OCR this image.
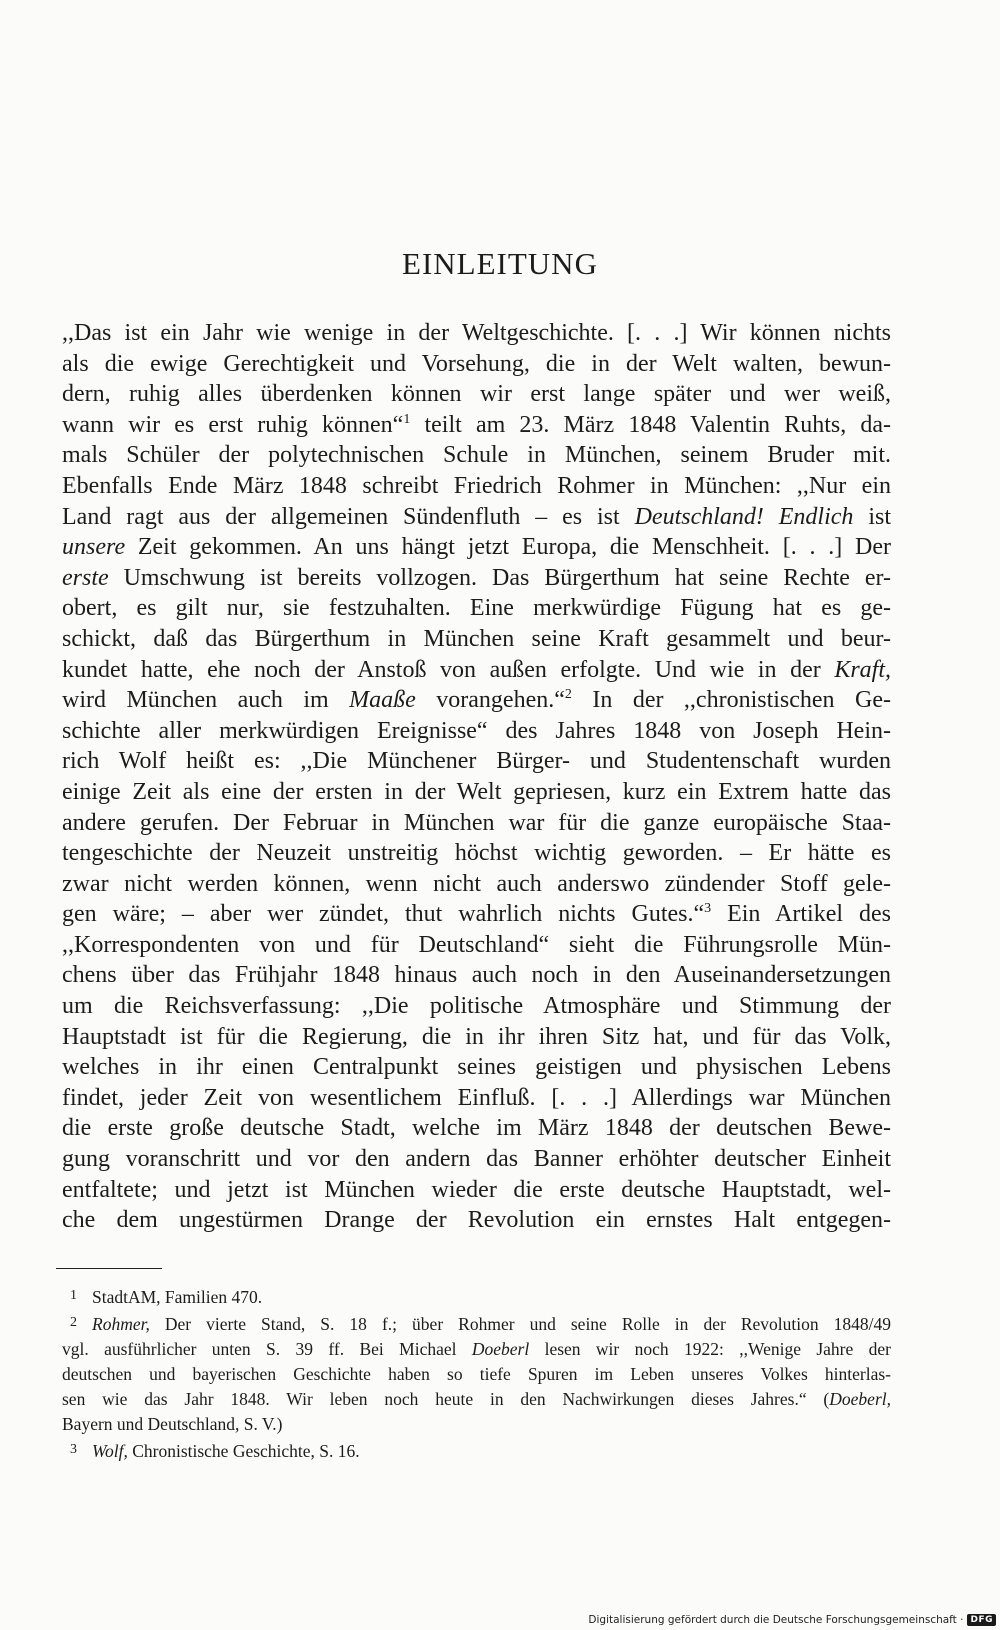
EINLEITUNG
,,Das ist ein Jahr wie wenige in der Weltgeschichte. [. . .] Wir können nichts
als die ewige Gerechtigkeit und Vorsehung, die in der Welt walten, bewun-
dern, ruhig alles überdenken können wir erst lange später und wer weiß,
wann wir es erst ruhig können“$^1$ teilt am 23. März 1848 Valentin Ruhts, da-
mals Schüler der polytechnischen Schule in München, seinem Bruder mit.
Ebenfalls Ende März 1848 schreibt Friedrich Rohmer in München: ,,Nur ein
Land ragt aus der allgemeinen Sündenfluth – es ist Deutschland! Endlich ist
unsere Zeit gekommen. An uns hängt jetzt Europa, die Menschheit. [. . .] Der
erste Umschwung ist bereits vollzogen. Das Bürgerthum hat seine Rechte er-
obert, es gilt nur, sie festzuhalten. Eine merkwürdige Fügung hat es ge-
schickt, daß das Bürgerthum in München seine Kraft gesammelt und beur-
kundet hatte, ehe noch der Anstoß von außen erfolgte. Und wie in der Kraft,
wird München auch im Maaße vorangehen.“$^2$ In der ,,chronistischen Ge-
schichte aller merkwürdigen Ereignisse“ des Jahres 1848 von Joseph Hein-
rich Wolf heißt es: ,,Die Münchener Bürger- und Studentenschaft wurden
einige Zeit als eine der ersten in der Welt gepriesen, kurz ein Extrem hatte das
andere gerufen. Der Februar in München war für die ganze europäische Staa-
tengeschichte der Neuzeit unstreitig höchst wichtig geworden. – Er hätte es
zwar nicht werden können, wenn nicht auch anderswo zündender Stoff gele-
gen wäre; – aber wer zündet, thut wahrlich nichts Gutes.“$^3$ Ein Artikel des
,,Korrespondenten von und für Deutschland“ sieht die Führungsrolle Mün-
chens über das Frühjahr 1848 hinaus auch noch in den Auseinandersetzungen
um die Reichsverfassung: ,,Die politische Atmosphäre und Stimmung der
Hauptstadt ist für die Regierung, die in ihr ihren Sitz hat, und für das Volk,
welches in ihr einen Centralpunkt seines geistigen und physischen Lebens
findet, jeder Zeit von wesentlichem Einfluß. [. . .] Allerdings war München
die erste große deutsche Stadt, welche im März 1848 der deutschen Bewe-
gung voranschritt und vor den andern das Banner erhöhter deutscher Einheit
entfaltete; und jetzt ist München wieder die erste deutsche Hauptstadt, wel-
che dem ungestürmen Drange der Revolution ein ernstes Halt entgegen-
1 StadtAM, Familien 470.
2 Rohmer, Der vierte Stand, S. 18 f.; über Rohmer und seine Rolle in der Revolution 1848/49
vgl. ausführlicher unten S. 39 ff. Bei Michael Doeberl lesen wir noch 1922: ,,Wenige Jahre der
deutschen und bayerischen Geschichte haben so tiefe Spuren im Leben unseres Volkes hinterlas-
sen wie das Jahr 1848. Wir leben noch heute in den Nachwirkungen dieses Jahres.“ (Doeberl,
Bayern und Deutschland, S. V.)
3 Wolf, Chronistische Geschichte, S. 16.
Digitalisierung gefördert durch die Deutsche Forschungsgemeinschaft · DFG
